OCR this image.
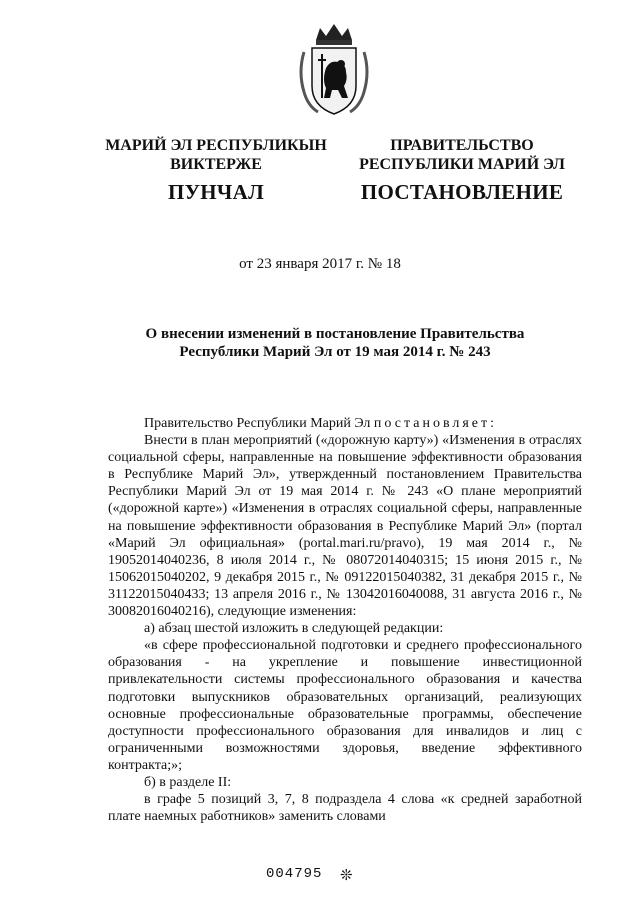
МАРИЙ ЭЛ РЕСПУБЛИКЫН
ВИКТЕРЖЕ
ПУНЧАЛ
ПРАВИТЕЛЬСТВО
РЕСПУБЛИКИ МАРИЙ ЭЛ
ПОСТАНОВЛЕНИЕ
от 23 января 2017 г. № 18
О внесении изменений в постановление Правительства
Республики Марий Эл от 19 мая 2014 г. № 243

Правительство Республики Марий Эл постановляет:

Внести в план мероприятий («дорожную карту») «Изменения в отраслях социальной сферы, направленные на повышение эффективности образования в Республике Марий Эл», утвержденный постановлением Правительства Республики Марий Эл от 19 мая 2014 г. № 243 «О плане мероприятий («дорожной карте») «Изменения в отраслях социальной сферы, направленные на повышение эффективности образования в Республике Марий Эл» (портал «Марий Эл официальная» (portal.mari.ru/pravo), 19 мая 2014 г., № 19052014040236, 8 июля 2014 г., № 08072014040315; 15 июня 2015 г., № 15062015040202, 9 декабря 2015 г., № 09122015040382, 31 декабря 2015 г., № 31122015040433; 13 апреля 2016 г., № 13042016040088, 31 августа 2016 г., № 30082016040216), следующие изменения:

а) абзац шестой изложить в следующей редакции:

«в сфере профессиональной подготовки и среднего профессионального образования - на укрепление и повышение инвестиционной привлекательности системы профессионального образования и качества подготовки выпускников образовательных организаций, реализующих основные профессиональные образовательные программы, обеспечение доступности профессионального образования для инвалидов и лиц с ограниченными возможностями здоровья, введение эффективного контракта;»;

б) в разделе II:

в графе 5 позиций 3, 7, 8 подраздела 4 слова «к средней заработной плате наемных работников» заменить словами

004795 ❊
